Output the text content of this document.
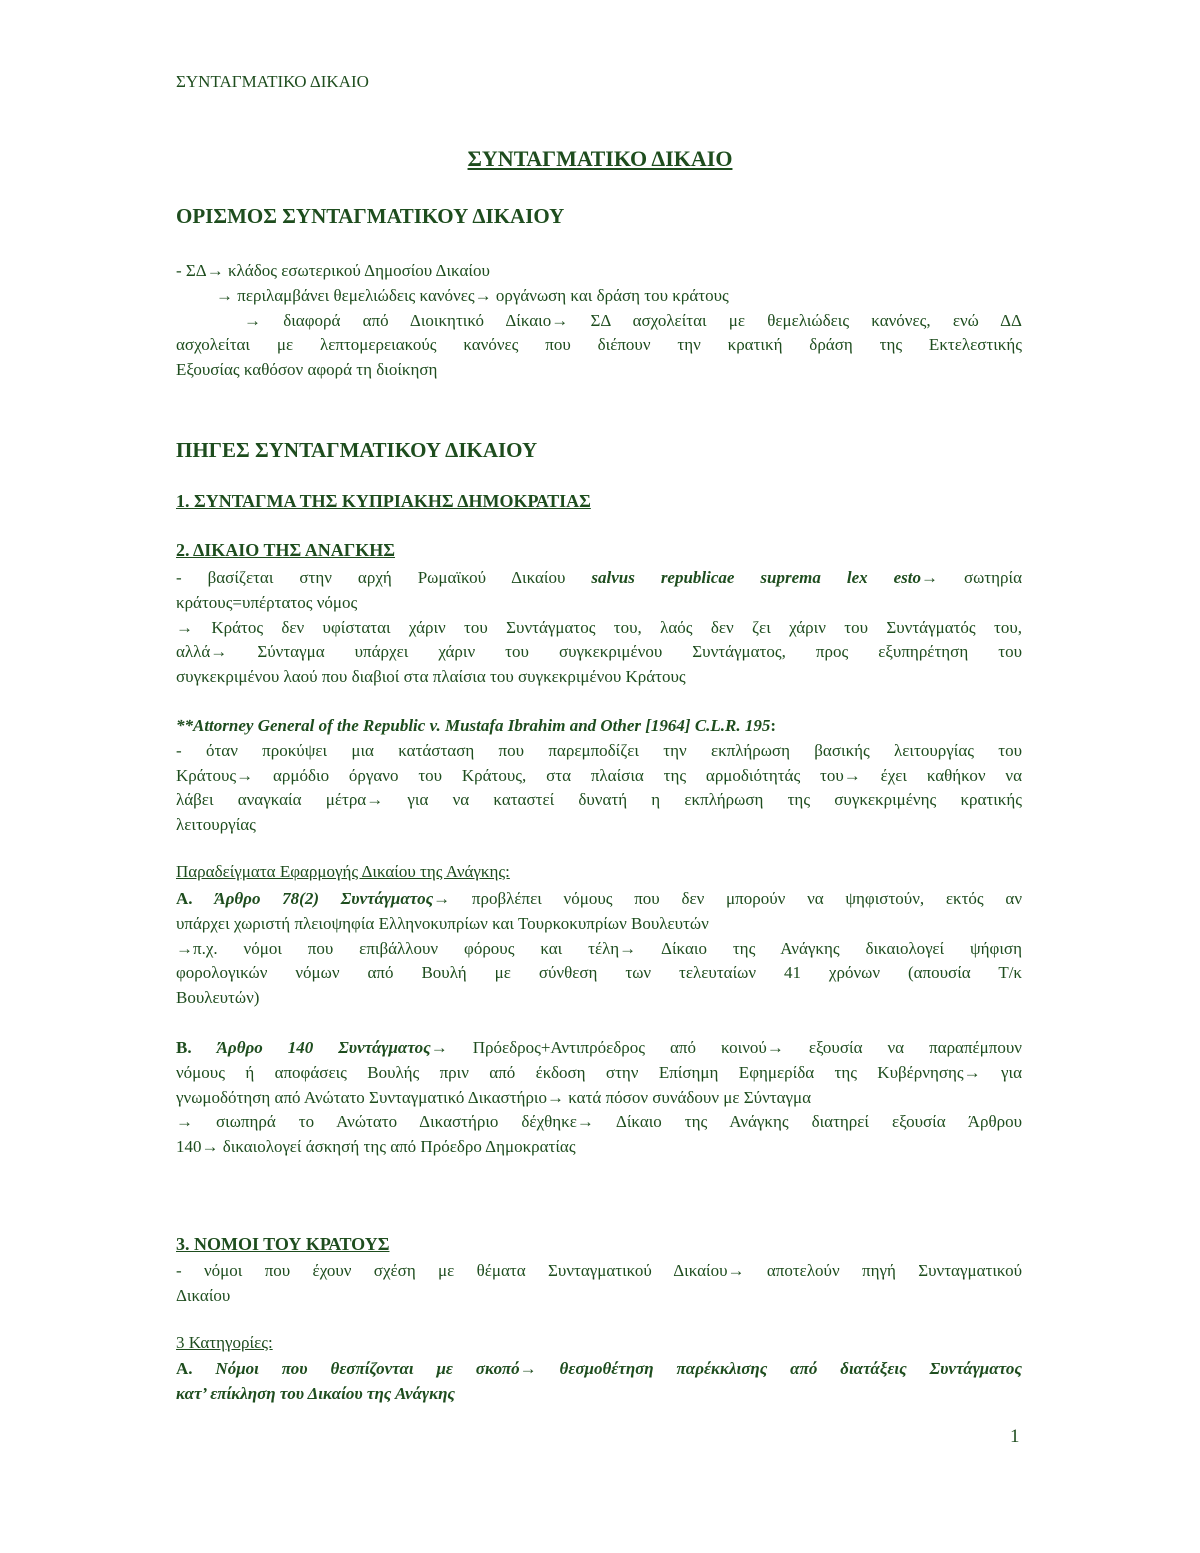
ΣΥΝΤΑΓΜΑΤΙΚΟ ΔΙΚΑΙΟ
ΣΥΝΤΑΓΜΑΤΙΚΟ ΔΙΚΑΙΟ
ΟΡΙΣΜΟΣ ΣΥΝΤΑΓΜΑΤΙΚΟΥ ΔΙΚΑΙΟΥ
- ΣΔ→ κλάδος εσωτερικού Δημοσίου Δικαίου
→ περιλαμβάνει θεμελιώδεις κανόνες→ οργάνωση και δράση του κράτους
→ διαφορά από Διοικητικό Δίκαιο→ ΣΔ ασχολείται με θεμελιώδεις κανόνες, ενώ ΔΔ
ασχολείται με λεπτομερειακούς κανόνες που διέπουν την κρατική δράση της Εκτελεστικής
Εξουσίας καθόσον αφορά τη διοίκηση
ΠΗΓΕΣ ΣΥΝΤΑΓΜΑΤΙΚΟΥ ΔΙΚΑΙΟΥ
1. ΣΥΝΤΑΓΜΑ ΤΗΣ ΚΥΠΡΙΑΚΗΣ ΔΗΜΟΚΡΑΤΙΑΣ
2. ΔΙΚΑΙΟ ΤΗΣ ΑΝΑΓΚΗΣ
- βασίζεται στην αρχή Ρωμαϊκού Δικαίου salvus republicae suprema lex esto→ σωτηρία
κράτους=υπέρτατος νόμος
→ Κράτος δεν υφίσταται χάριν του Συντάγματος του, λαός δεν ζει χάριν του Συντάγματός του,
αλλά→ Σύνταγμα υπάρχει χάριν του συγκεκριμένου Συντάγματος, προς εξυπηρέτηση του
συγκεκριμένου λαού που διαβιοί στα πλαίσια του συγκεκριμένου Κράτους
**Attorney General of the Republic v. Mustafa Ibrahim and Other [1964] C.L.R. 195:
- όταν προκύψει μια κατάσταση που παρεμποδίζει την εκπλήρωση βασικής λειτουργίας του
Κράτους→ αρμόδιο όργανο του Κράτους, στα πλαίσια της αρμοδιότητάς του→ έχει καθήκον να
λάβει αναγκαία μέτρα→ για να καταστεί δυνατή η εκπλήρωση της συγκεκριμένης κρατικής
λειτουργίας
Παραδείγματα Εφαρμογής Δικαίου της Ανάγκης:
Α. Άρθρο 78(2) Συντάγματος→ προβλέπει νόμους που δεν μπορούν να ψηφιστούν, εκτός αν
υπάρχει χωριστή πλειοψηφία Ελληνοκυπρίων και Τουρκοκυπρίων Βουλευτών
→π.χ. νόμοι που επιβάλλουν φόρους και τέλη→ Δίκαιο της Ανάγκης δικαιολογεί ψήφιση
φορολογικών νόμων από Βουλή με σύνθεση των τελευταίων 41 χρόνων (απουσία Τ/κ
Βουλευτών)
Β. Άρθρο 140 Συντάγματος→ Πρόεδρος+Αντιπρόεδρος από κοινού→ εξουσία να παραπέμπουν
νόμους ή αποφάσεις Βουλής πριν από έκδοση στην Επίσημη Εφημερίδα της Κυβέρνησης→ για
γνωμοδότηση από Ανώτατο Συνταγματικό Δικαστήριο→ κατά πόσον συνάδουν με Σύνταγμα
→ σιωπηρά το Ανώτατο Δικαστήριο δέχθηκε→ Δίκαιο της Ανάγκης διατηρεί εξουσία Άρθρου
140→ δικαιολογεί άσκησή της από Πρόεδρο Δημοκρατίας
3. ΝΟΜΟΙ ΤΟΥ ΚΡΑΤΟΥΣ
- νόμοι που έχουν σχέση με θέματα Συνταγματικού Δικαίου→ αποτελούν πηγή Συνταγματικού
Δικαίου
3 Κατηγορίες:
Α. Νόμοι που θεσπίζονται με σκοπό→ θεσμοθέτηση παρέκκλισης από διατάξεις Συντάγματος
κατ’ επίκληση του Δικαίου της Ανάγκης
1
